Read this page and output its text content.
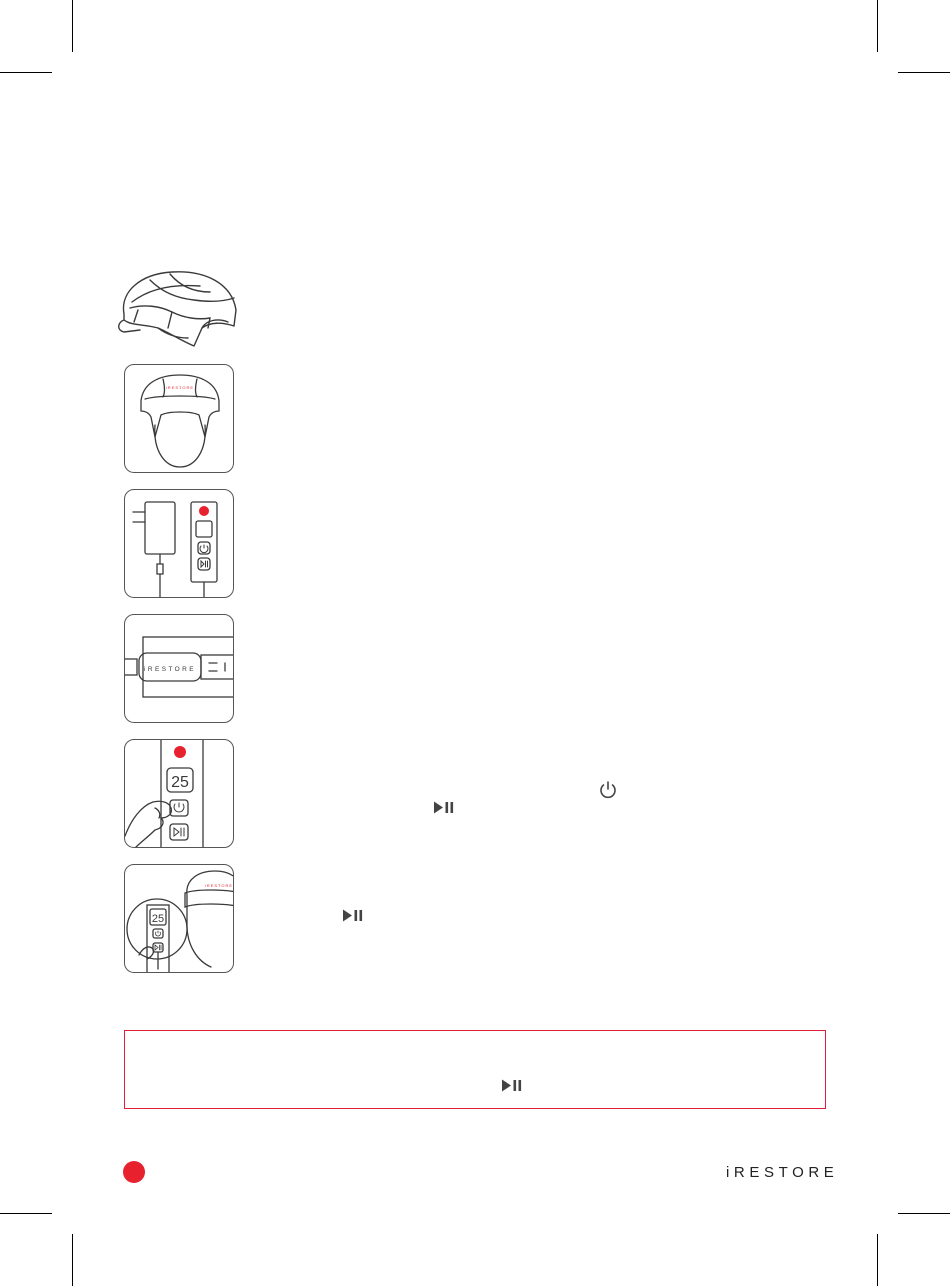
iRESTORE
iRESTORE
25
iRESTORE
25
iRESTORE
